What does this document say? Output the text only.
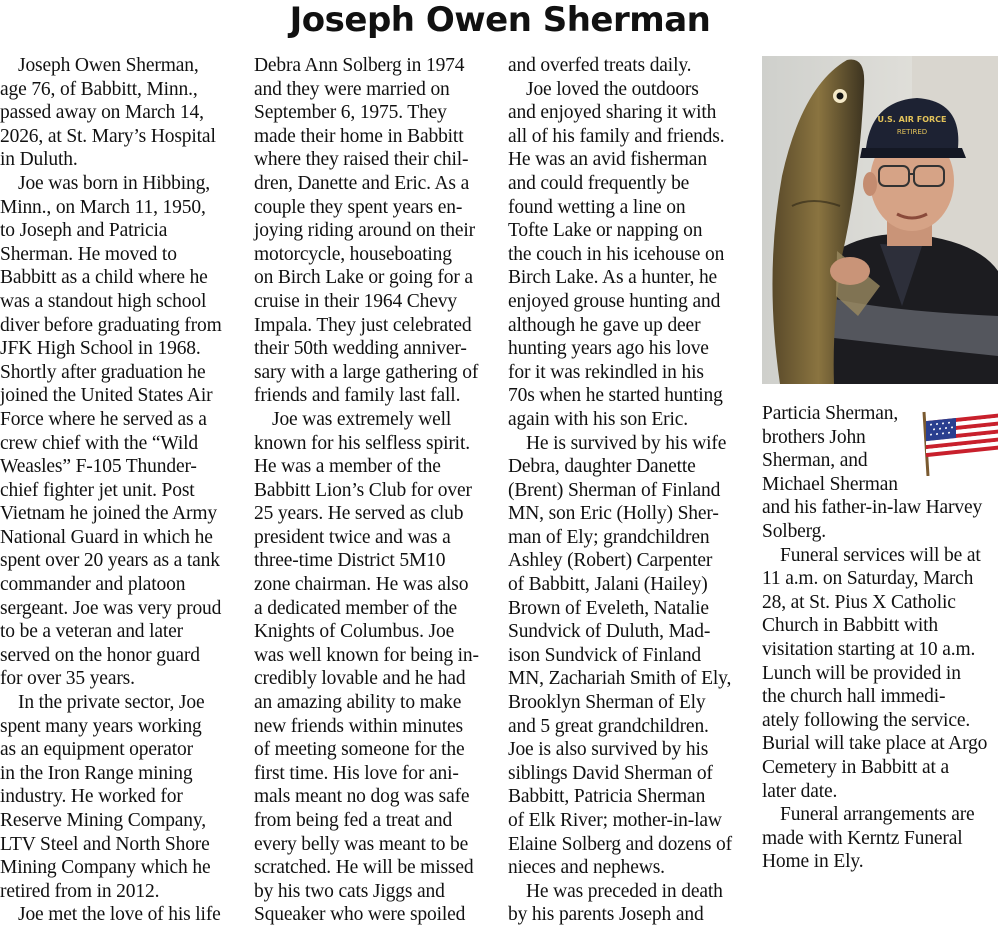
Joseph Owen Sherman
Joseph Owen Sherman,
age 76, of Babbitt, Minn.,
passed away on March 14,
2026, at St. Mary’s Hospital
in Duluth.
Joe was born in Hibbing,
Minn., on March 11, 1950,
to Joseph and Patricia
Sherman. He moved to
Babbitt as a child where he
was a standout high school
diver before graduating from
JFK High School in 1968.
Shortly after graduation he
joined the United States Air
Force where he served as a
crew chief with the “Wild
Weasles” F-105 Thunder-
chief fighter jet unit. Post
Vietnam he joined the Army
National Guard in which he
spent over 20 years as a tank
commander and platoon
sergeant. Joe was very proud
to be a veteran and later
served on the honor guard
for over 35 years.
In the private sector, Joe
spent many years working
as an equipment operator
in the Iron Range mining
industry. He worked for
Reserve Mining Company,
LTV Steel and North Shore
Mining Company which he
retired from in 2012.
Joe met the love of his life
Debra Ann Solberg in 1974
and they were married on
September 6, 1975. They
made their home in Babbitt
where they raised their chil-
dren, Danette and Eric. As a
couple they spent years en-
joying riding around on their
motorcycle, houseboating
on Birch Lake or going for a
cruise in their 1964 Chevy
Impala. They just celebrated
their 50th wedding anniver-
sary with a large gathering of
friends and family last fall.
Joe was extremely well
known for his selfless spirit.
He was a member of the
Babbitt Lion’s Club for over
25 years. He served as club
president twice and was a
three-time District 5M10
zone chairman. He was also
a dedicated member of the
Knights of Columbus. Joe
was well known for being in-
credibly lovable and he had
an amazing ability to make
new friends within minutes
of meeting someone for the
first time. His love for ani-
mals meant no dog was safe
from being fed a treat and
every belly was meant to be
scratched. He will be missed
by his two cats Jiggs and
Squeaker who were spoiled
and overfed treats daily.
Joe loved the outdoors
and enjoyed sharing it with
all of his family and friends.
He was an avid fisherman
and could frequently be
found wetting a line on
Tofte Lake or napping on
the couch in his icehouse on
Birch Lake. As a hunter, he
enjoyed grouse hunting and
although he gave up deer
hunting years ago his love
for it was rekindled in his
70s when he started hunting
again with his son Eric.
He is survived by his wife
Debra, daughter Danette
(Brent) Sherman of Finland
MN, son Eric (Holly) Sher-
man of Ely; grandchildren
Ashley (Robert) Carpenter
of Babbitt, Jalani (Hailey)
Brown of Eveleth, Natalie
Sundvick of Duluth, Mad-
ison Sundvick of Finland
MN, Zachariah Smith of Ely,
Brooklyn Sherman of Ely
and 5 great grandchildren.
Joe is also survived by his
siblings David Sherman of
Babbitt, Patricia Sherman
of Elk River; mother-in-law
Elaine Solberg and dozens of
nieces and nephews.
He was preceded in death
by his parents Joseph and
Particia Sherman,
brothers John
Sherman, and
Michael Sherman
and his father-in-law Harvey
Solberg.
Funeral services will be at
11 a.m. on Saturday, March
28, at St. Pius X Catholic
Church in Babbitt with
visitation starting at 10 a.m.
Lunch will be provided in
the church hall immedi-
ately following the service.
Burial will take place at Argo
Cemetery in Babbitt at a
later date.
Funeral arrangements are
made with Kerntz Funeral
Home in Ely.
U.S. AIR FORCE
RETIRED
